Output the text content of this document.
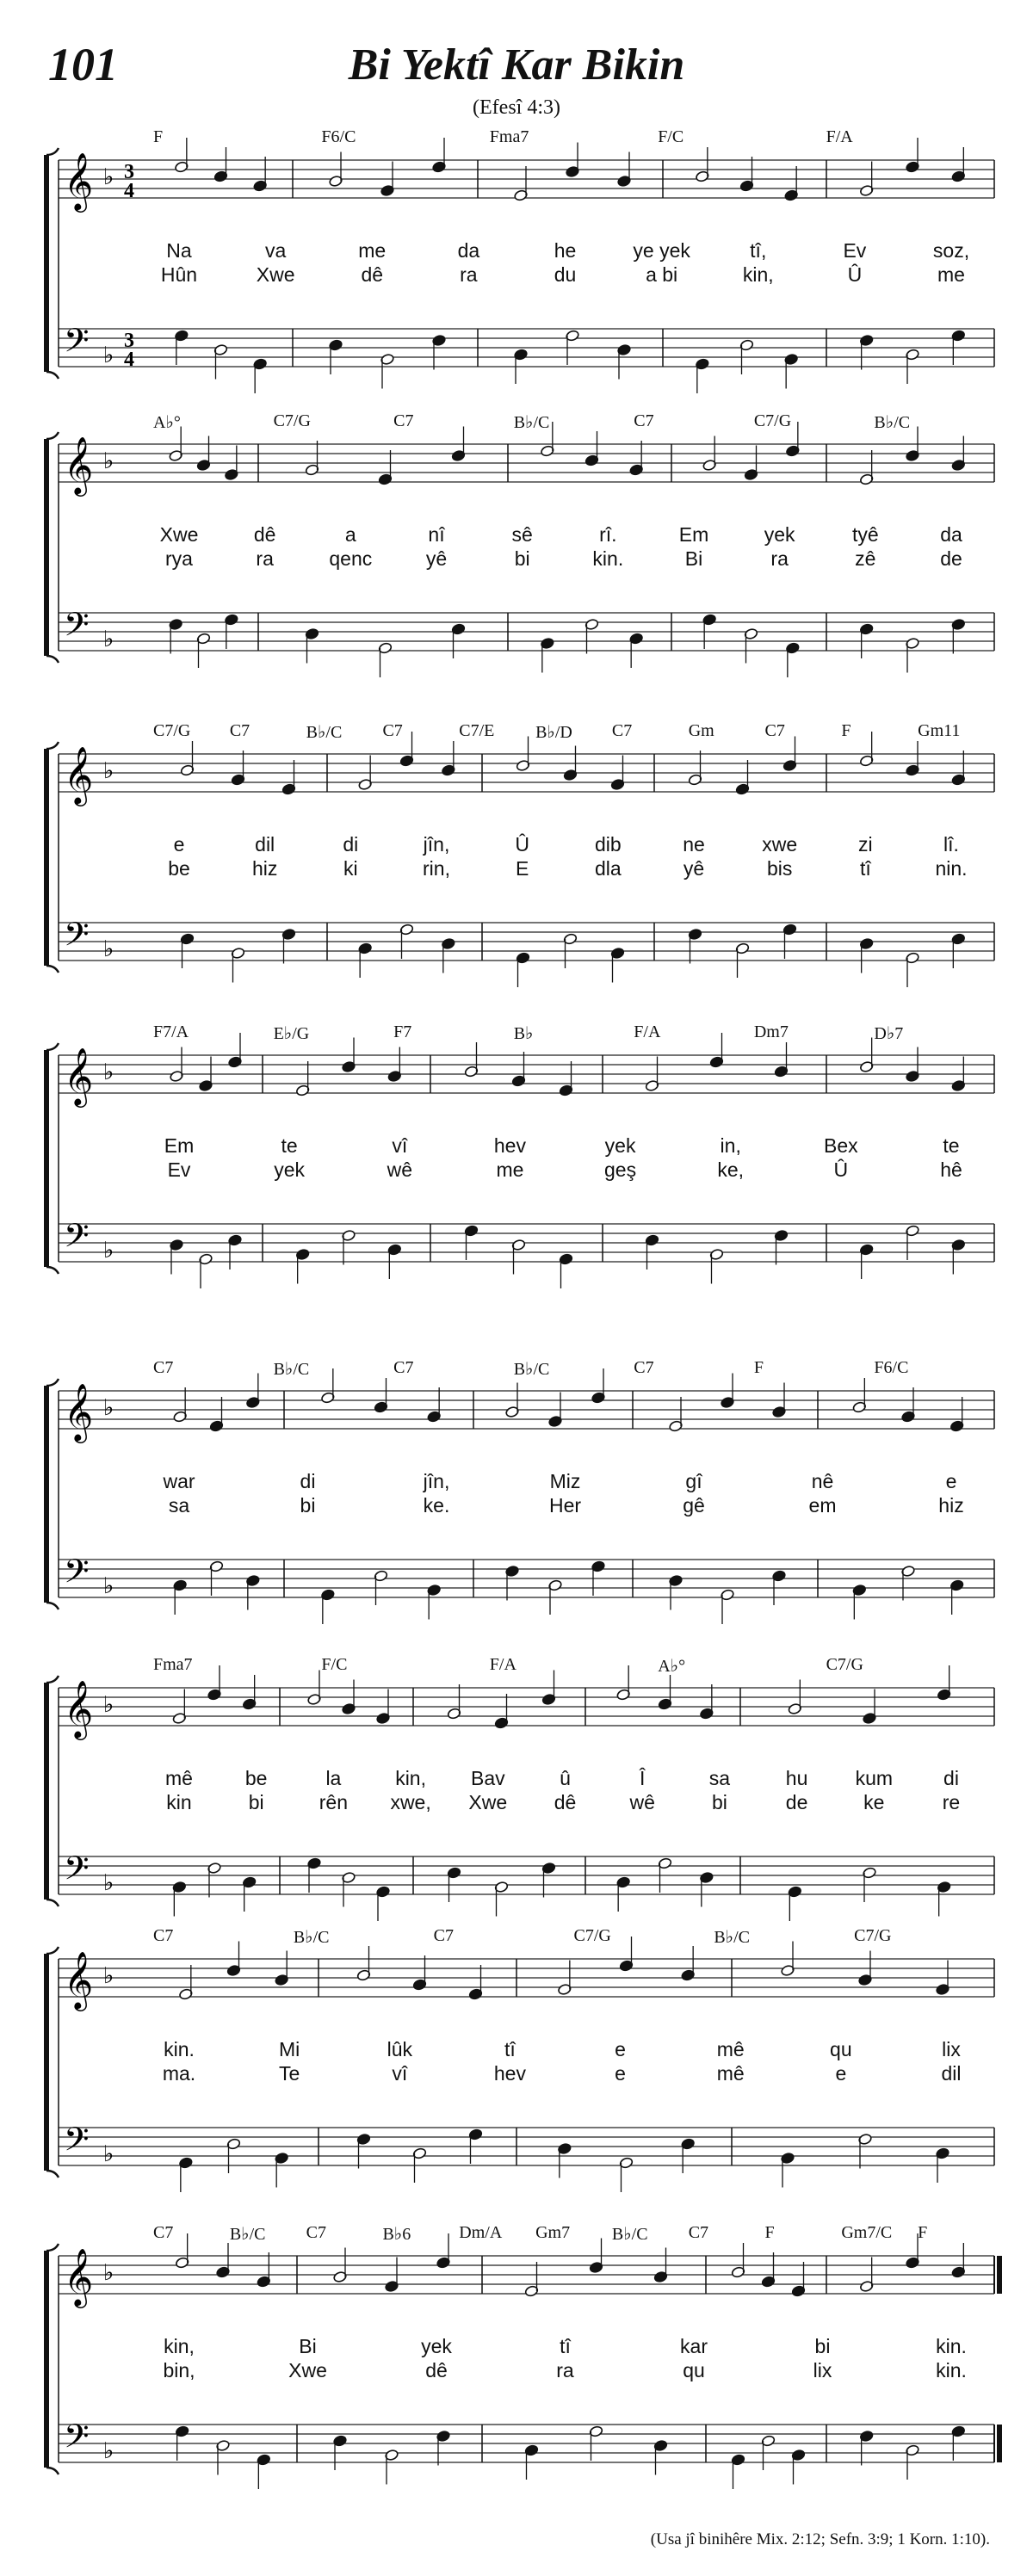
101	Bi Yektî Kar Bikin
(Efesî 4:3)
𝄞
𝄢
♭
♭
3
4
3
4
F	F6/C	Fma7	F/C	F/A
Na	va	me	da	he	ye yek	tî,	Ev	soz,
Hûn	Xwe	dê	ra	du	a bi	kin,	Û	me
𝄞
𝄢
♭
♭
A♭°	C7/G	C7	B♭/C	C7	C7/G	B♭/C
Xwe	dê	a	nî	sê	rî.	Em	yek	tyê	da
rya	ra	qenc	yê	bi	kin.	Bi	ra	zê	de
𝄞
𝄢
♭
♭
C7/G C7	B♭/C C7	C7/E B♭/D C7	Gm	C7	F	Gm11
e	dil	di	jîn,	Û	dib	ne	xwe	zi	lî.
be	hiz	ki	rin,	E	dla	yê	bis	tî	nin.
𝄞
𝄢
♭
♭
F7/A	E♭/G	F7	B♭	F/A	Dm7	D♭7
Em	te	vî	hev	yek	in,	Bex	te
Ev	yek	wê	me	geş	ke,	Û	hê
𝄞
𝄢
♭
♭
C7	B♭/C	C7	B♭/C	C7	F	F6/C
war	di	jîn,	Miz	gî	nê	e
sa	bi	ke.	Her	gê	em	hiz
𝄞
𝄢
♭
♭
Fma7	F/C	F/A	A♭°	C7/G
mê	be	la	kin, Bav	û	Î	sa	hu kum	di
kin	bi	rên xwe, Xwe dê	wê	bi	de	ke	re
𝄞
𝄢
♭
♭
C7	B♭/C	C7	C7/G	B♭/C	C7/G
kin.	Mi	lûk	tî	e	mê	qu	lix
ma.	Te	vî	hev	e	mê	e	dil
𝄞
𝄢
♭
♭
C7	B♭/C C7	B♭6	Dm/A Gm7 B♭/C C7	F	Gm7/C F
kin,	Bi	yek	tî	kar	bi	kin.
bin,	Xwe	dê	ra	qu	lix	kin.
(Usa jî binihêre Mix. 2:12; Sefn. 3:9; 1 Korn. 1:10).
